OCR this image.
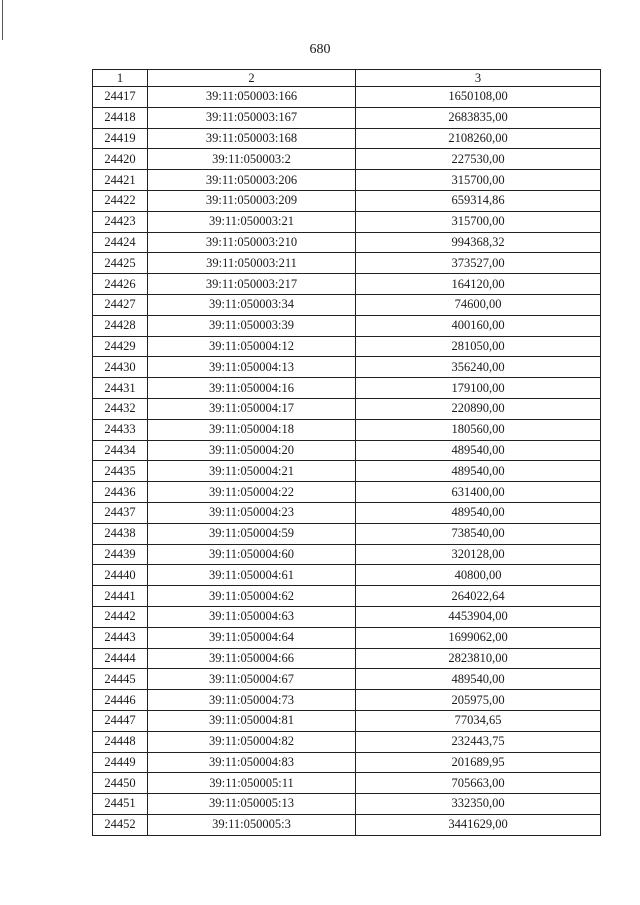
680
1	2	3
24417	39:11:050003:166	1650108,00
24418	39:11:050003:167	2683835,00
24419	39:11:050003:168	2108260,00
24420	39:11:050003:2	227530,00
24421	39:11:050003:206	315700,00
24422	39:11:050003:209	659314,86
24423	39:11:050003:21	315700,00
24424	39:11:050003:210	994368,32
24425	39:11:050003:211	373527,00
24426	39:11:050003:217	164120,00
24427	39:11:050003:34	74600,00
24428	39:11:050003:39	400160,00
24429	39:11:050004:12	281050,00
24430	39:11:050004:13	356240,00
24431	39:11:050004:16	179100,00
24432	39:11:050004:17	220890,00
24433	39:11:050004:18	180560,00
24434	39:11:050004:20	489540,00
24435	39:11:050004:21	489540,00
24436	39:11:050004:22	631400,00
24437	39:11:050004:23	489540,00
24438	39:11:050004:59	738540,00
24439	39:11:050004:60	320128,00
24440	39:11:050004:61	40800,00
24441	39:11:050004:62	264022,64
24442	39:11:050004:63	4453904,00
24443	39:11:050004:64	1699062,00
24444	39:11:050004:66	2823810,00
24445	39:11:050004:67	489540,00
24446	39:11:050004:73	205975,00
24447	39:11:050004:81	77034,65
24448	39:11:050004:82	232443,75
24449	39:11:050004:83	201689,95
24450	39:11:050005:11	705663,00
24451	39:11:050005:13	332350,00
24452	39:11:050005:3	3441629,00
